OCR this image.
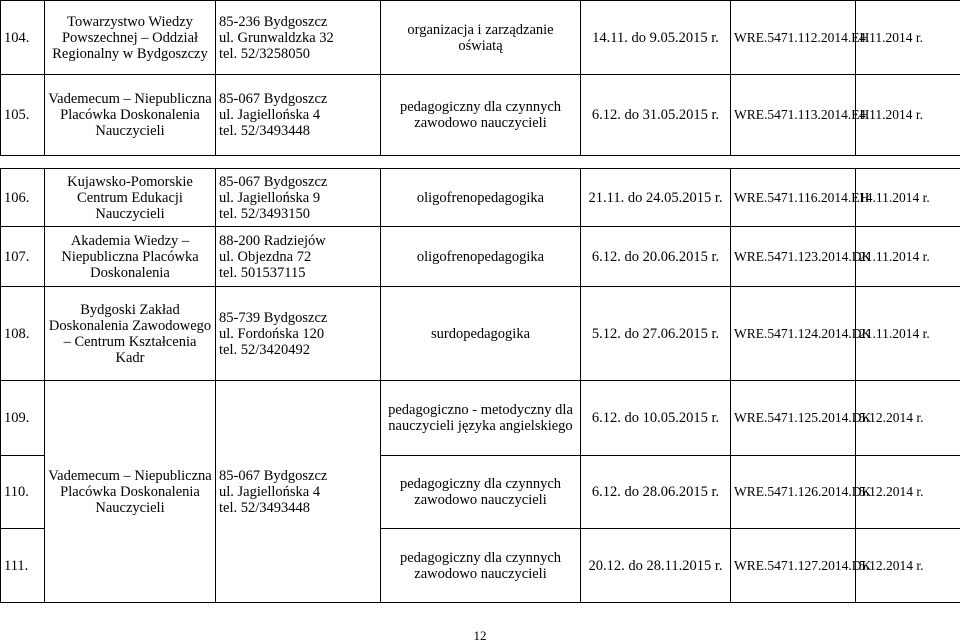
104.	Towarzystwo Wiedzy Powszechnej – Oddział Regionalny w Bydgoszczy	85-236 Bydgoszcz
ul. Grunwaldzka 32
tel. 52/3258050	organizacja i zarządzanie oświatą	14.11. do 9.05.2015 r.	WRE.5471.112.2014.EH	4.11.2014 r.
105.	Vademecum – Niepubliczna Placówka Doskonalenia Nauczycieli	85-067 Bydgoszcz
ul. Jagiellońska 4
tel. 52/3493448	pedagogiczny dla czynnych zawodowo nauczycieli	6.12. do 31.05.2015 r.	WRE.5471.113.2014.EH	4.11.2014 r.
106.	Kujawsko-Pomorskie Centrum Edukacji Nauczycieli	85-067 Bydgoszcz
ul. Jagiellońska 9
tel. 52/3493150	oligofrenopedagogika	21.11. do 24.05.2015 r.	WRE.5471.116.2014.EH	14.11.2014 r.
107.	Akademia Wiedzy – Niepubliczna Placówka Doskonalenia	88-200 Radziejów
ul. Objezdna 72
tel. 501537115	oligofrenopedagogika	6.12. do 20.06.2015 r.	WRE.5471.123.2014.DK	21.11.2014 r.
108.	Bydgoski Zakład Doskonalenia Zawodowego – Centrum Kształcenia Kadr	85-739 Bydgoszcz
ul. Fordońska 120
tel. 52/3420492	surdopedagogika	5.12. do 27.06.2015 r.	WRE.5471.124.2014.DK	21.11.2014 r.
109.	Vademecum – Niepubliczna Placówka Doskonalenia Nauczycieli	85-067 Bydgoszcz
ul. Jagiellońska 4
tel. 52/3493448	pedagogiczno - metodyczny dla nauczycieli języka angielskiego	6.12. do 10.05.2015 r.	WRE.5471.125.2014.DK	5.12.2014 r.
110.			pedagogiczny dla czynnych zawodowo nauczycieli	6.12. do 28.06.2015 r.	WRE.5471.126.2014.DK	5.12.2014 r.
111.			pedagogiczny dla czynnych zawodowo nauczycieli	20.12. do 28.11.2015 r.	WRE.5471.127.2014.DK	5.12.2014 r.
12
